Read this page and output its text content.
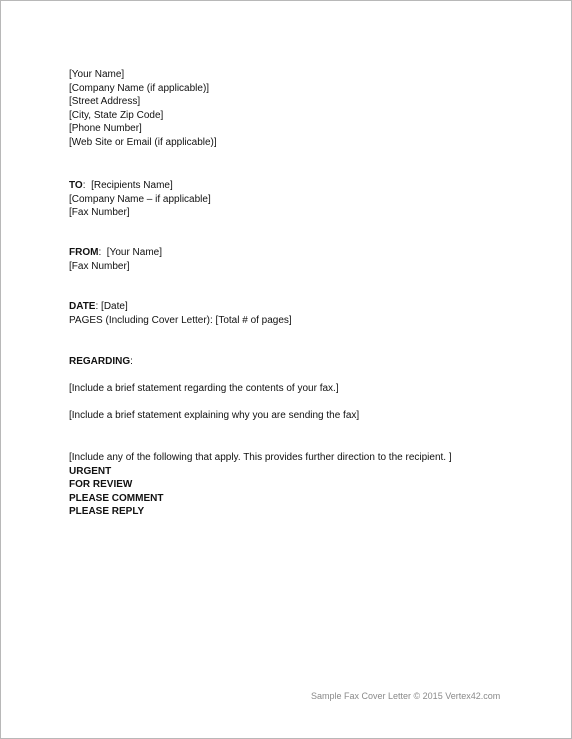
[Your Name]
[Company Name (if applicable)]
[Street Address]
[City, State Zip Code]
[Phone Number]
[Web Site or Email (if applicable)]
TO:  [Recipients Name]
[Company Name – if applicable]
[Fax Number]
FROM:  [Your Name]
[Fax Number]
DATE: [Date]
PAGES (Including Cover Letter): [Total # of pages]
REGARDING:
[Include a brief statement regarding the contents of your fax.]
[Include a brief statement explaining why you are sending the fax]
[Include any of the following that apply. This provides further direction to the recipient. ]
URGENT
FOR REVIEW
PLEASE COMMENT
PLEASE REPLY
Sample Fax Cover Letter © 2015 Vertex42.com
